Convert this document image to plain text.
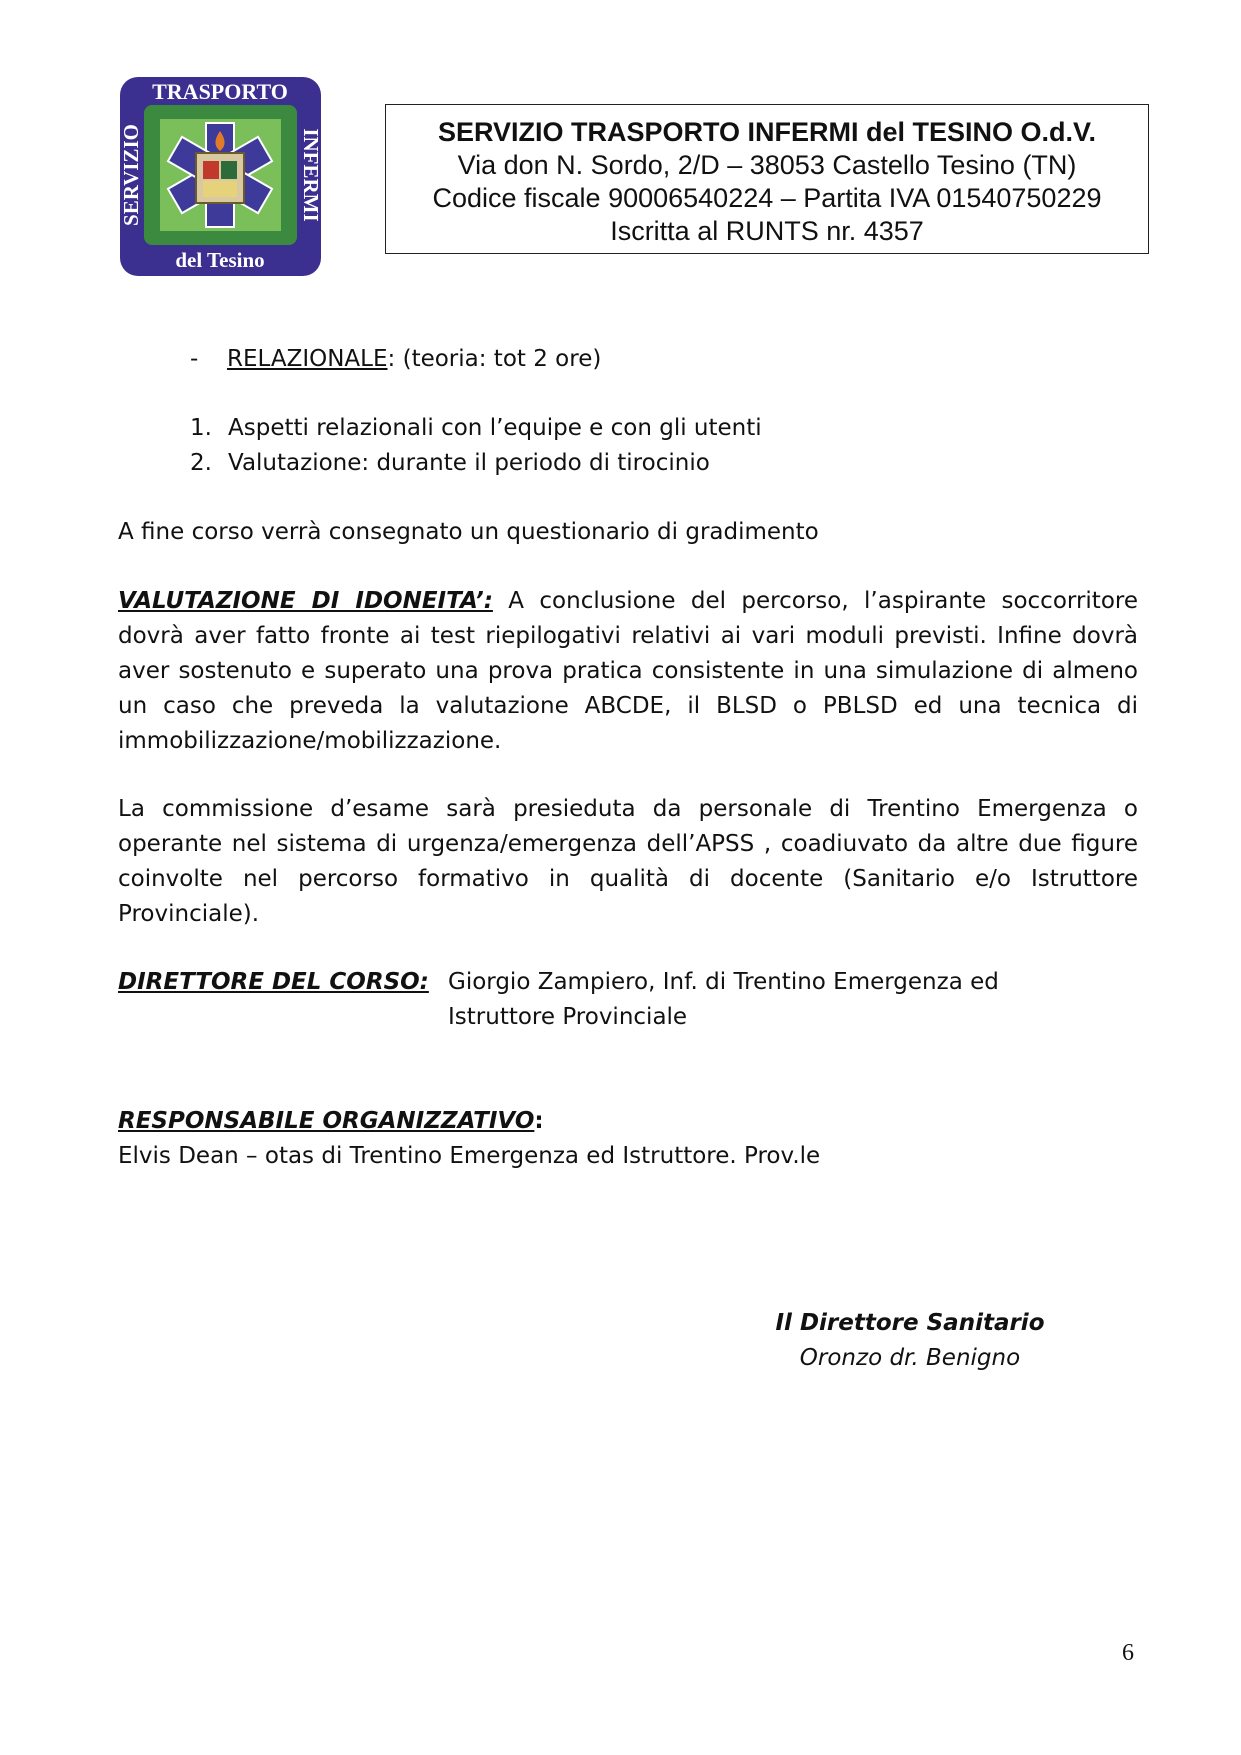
TRASPORTO
del Tesino
SERVIZIO	INFERMI	SERVIZIO TRASPORTO INFERMI del TESINO O.d.V.
Via don N. Sordo, 2/D – 38053 Castello Tesino (TN)
Codice fiscale 90006540224 – Partita IVA 01540750229
Iscritta al RUNTS nr. 4357
- RELAZIONALE: (teoria: tot 2 ore)
1. Aspetti relazionali con l’equipe e con gli utenti
2. Valutazione: durante il periodo di tirocinio
A fine corso verrà consegnato un questionario di gradimento
VALUTAZIONE DI IDONEITA’: A conclusione del percorso, l’aspirante soccorritore dovrà aver fatto fronte ai test riepilogativi relativi ai vari moduli previsti. Infine dovrà aver sostenuto e superato una prova pratica consistente in una simulazione di almeno un caso che preveda la valutazione ABCDE, il BLSD o PBLSD ed una tecnica di immobilizzazione/mobilizzazione.
La commissione d’esame sarà presieduta da personale di Trentino Emergenza o operante nel sistema di urgenza/emergenza dell’APSS , coadiuvato da altre due figure coinvolte nel percorso formativo in qualità di docente (Sanitario e/o Istruttore Provinciale).
DIRETTORE DEL CORSO: Giorgio Zampiero, Inf. di Trentino Emergenza ed
Istruttore Provinciale
RESPONSABILE ORGANIZZATIVO:
Elvis Dean – otas di Trentino Emergenza ed Istruttore. Prov.le
Il Direttore Sanitario
Oronzo dr. Benigno
6
